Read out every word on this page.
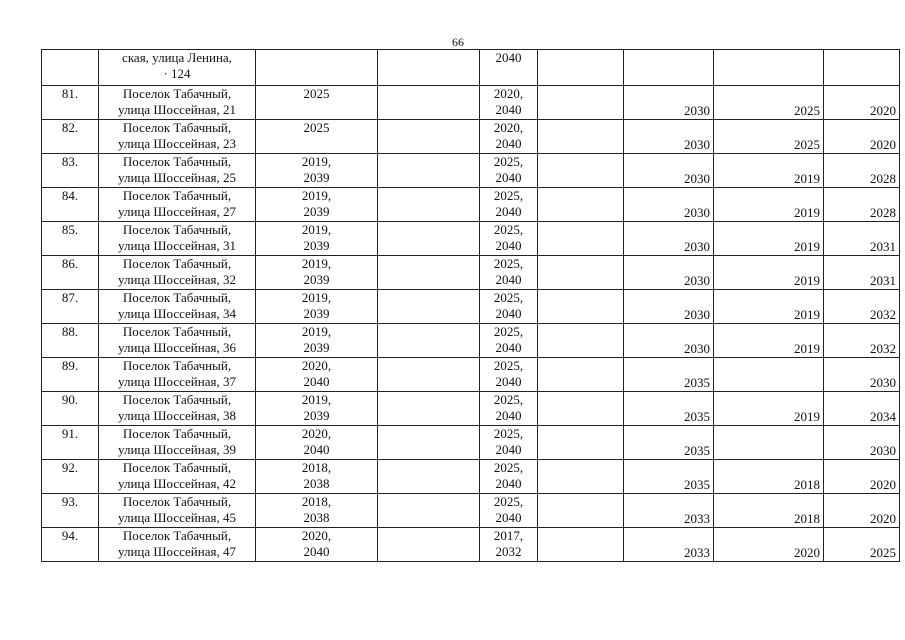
66

	ская, улица Ленина,
· 124			2040				

81.	Поселок Табачный,
улица Шоссейная, 21	2025		2020,
2040		2030	2025	2020

82.	Поселок Табачный,
улица Шоссейная, 23	2025		2020,
2040		2030	2025	2020

83.	Поселок Табачный,
улица Шоссейная, 25	2019,
2039		2025,
2040		2030	2019	2028

84.	Поселок Табачный,
улица Шоссейная, 27	2019,
2039		2025,
2040		2030	2019	2028

85.	Поселок Табачный,
улица Шоссейная, 31	2019,
2039		2025,
2040		2030	2019	2031

86.	Поселок Табачный,
улица Шоссейная, 32	2019,
2039		2025,
2040		2030	2019	2031

87.	Поселок Табачный,
улица Шоссейная, 34	2019,
2039		2025,
2040		2030	2019	2032

88.	Поселок Табачный,
улица Шоссейная, 36	2019,
2039		2025,
2040		2030	2019	2032

89.	Поселок Табачный,
улица Шоссейная, 37	2020,
2040		2025,
2040		2035		2030

90.	Поселок Табачный,
улица Шоссейная, 38	2019,
2039		2025,
2040		2035	2019	2034

91.	Поселок Табачный,
улица Шоссейная, 39	2020,
2040		2025,
2040		2035		2030

92.	Поселок Табачный,
улица Шоссейная, 42	2018,
2038		2025,
2040		2035	2018	2020

93.	Поселок Табачный,
улица Шоссейная, 45	2018,
2038		2025,
2040		2033	2018	2020

94.	Поселок Табачный,
улица Шоссейная, 47	2020,
2040		2017,
2032		2033	2020	2025
